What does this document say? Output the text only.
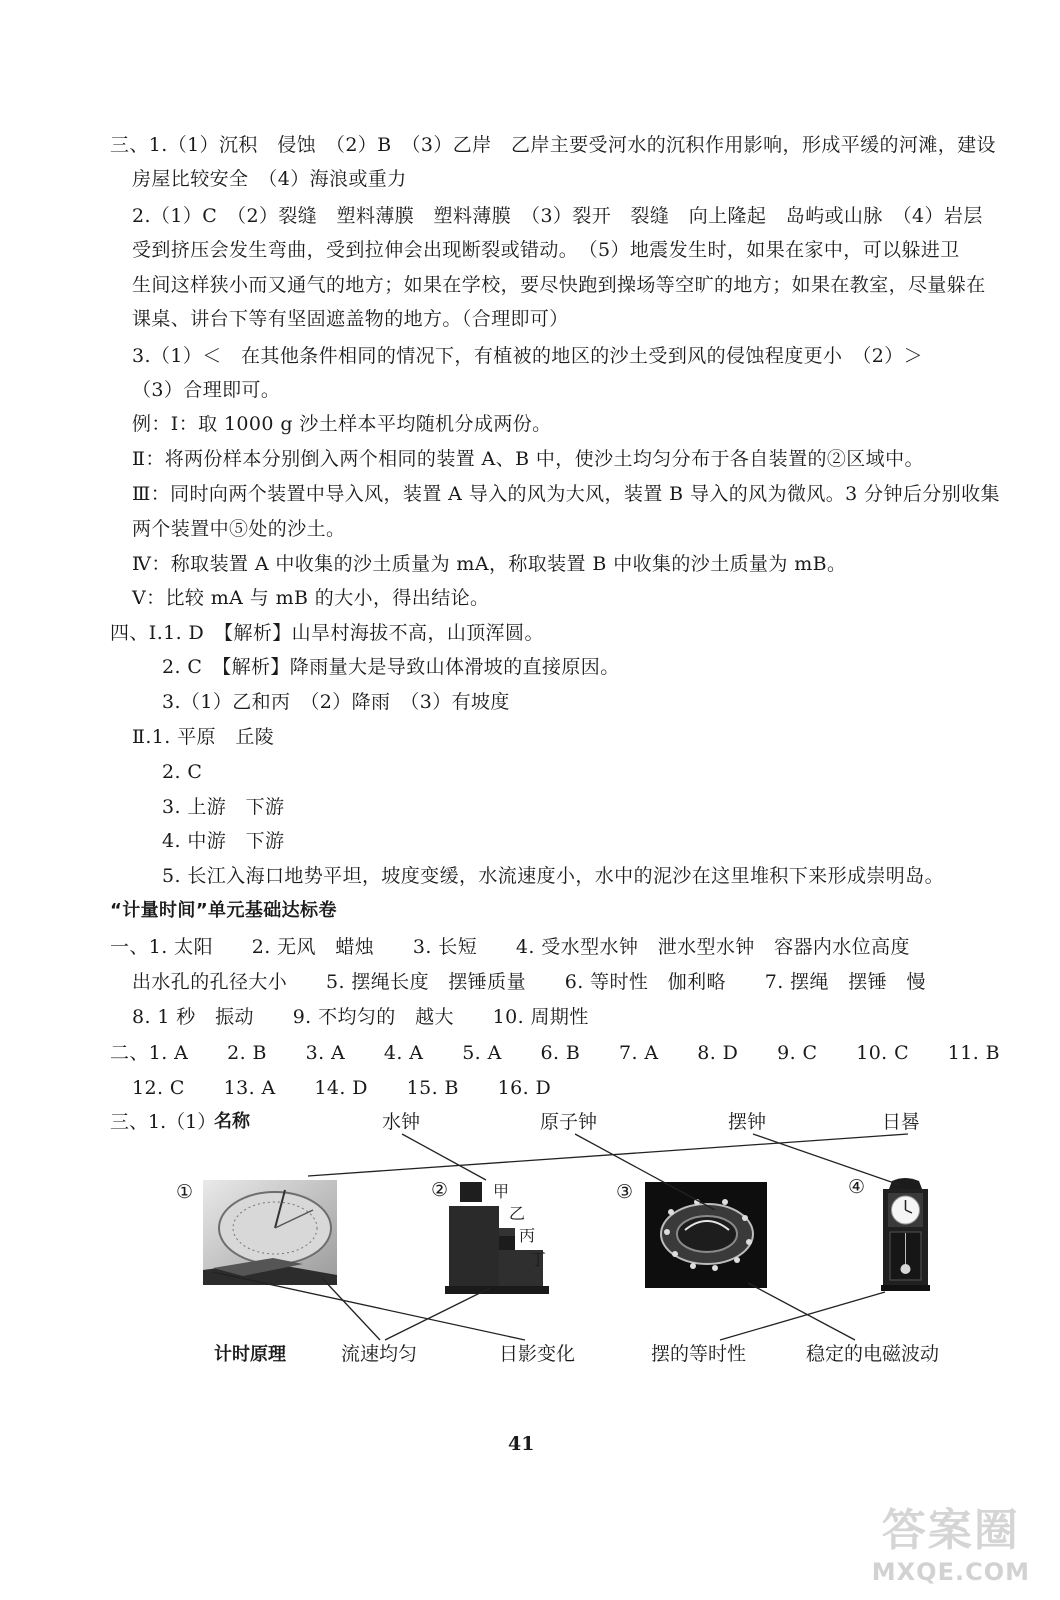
三、1.（1）沉积　侵蚀　（2）B　（3）乙岸　乙岸主要受河水的沉积作用影响，形成平缓的河滩，建设
房屋比较安全　（4）海浪或重力
2.（1）C　（2）裂缝　塑料薄膜　塑料薄膜　（3）裂开　裂缝　向上隆起　岛屿或山脉　（4）岩层
受到挤压会发生弯曲，受到拉伸会出现断裂或错动。　（5）地震发生时，如果在家中，可以躲进卫
生间这样狭小而又通气的地方；如果在学校，要尽快跑到操场等空旷的地方；如果在教室，尽量躲在
课桌、讲台下等有坚固遮盖物的地方。（合理即可）
3.（1）＜　在其他条件相同的情况下，有植被的地区的沙土受到风的侵蚀程度更小　（2）＞
（3）合理即可。
例：Ⅰ：取 1000 g 沙土样本平均随机分成两份。
Ⅱ：将两份样本分别倒入两个相同的装置 A、B 中，使沙土均匀分布于各自装置的②区域中。
Ⅲ：同时向两个装置中导入风，装置 A 导入的风为大风，装置 B 导入的风为微风。3 分钟后分别收集
两个装置中⑤处的沙土。
Ⅳ：称取装置 A 中收集的沙土质量为 mA，称取装置 B 中收集的沙土质量为 mB。
Ⅴ：比较 mA 与 mB 的大小，得出结论。
四、Ⅰ.1. D　【解析】山旱村海拔不高，山顶浑圆。
2. C　【解析】降雨量大是导致山体滑坡的直接原因。
3.（1）乙和丙　（2）降雨　（3）有坡度
Ⅱ.1. 平原　丘陵
2. C
3. 上游　下游
4. 中游　下游
5. 长江入海口地势平坦，坡度变缓，水流速度小，水中的泥沙在这里堆积下来形成崇明岛。
“计量时间”单元基础达标卷
一、1. 太阳　　2. 无风　蜡烛　　3. 长短　　4. 受水型水钟　泄水型水钟　容器内水位高度
出水孔的孔径大小　　5. 摆绳长度　摆锤质量　　6. 等时性　伽利略　　7. 摆绳　摆锤　慢
8. 1 秒　振动　　9. 不均匀的　越大　　10. 周期性
二、1. A　　2. B　　3. A　　4. A　　5. A　　6. B　　7. A　　8. D　　9. C　　10. C　　11. B
12. C　　13. A　　14. D　　15. B　　16. D
三、1.（1）
名称	水钟	原子钟	摆钟	日晷
①	②	③	④
甲
乙
丙
丁
计时原理	流速均匀	日影变化	摆的等时性	稳定的电磁波动
41
答案圈
MXQE.COM
